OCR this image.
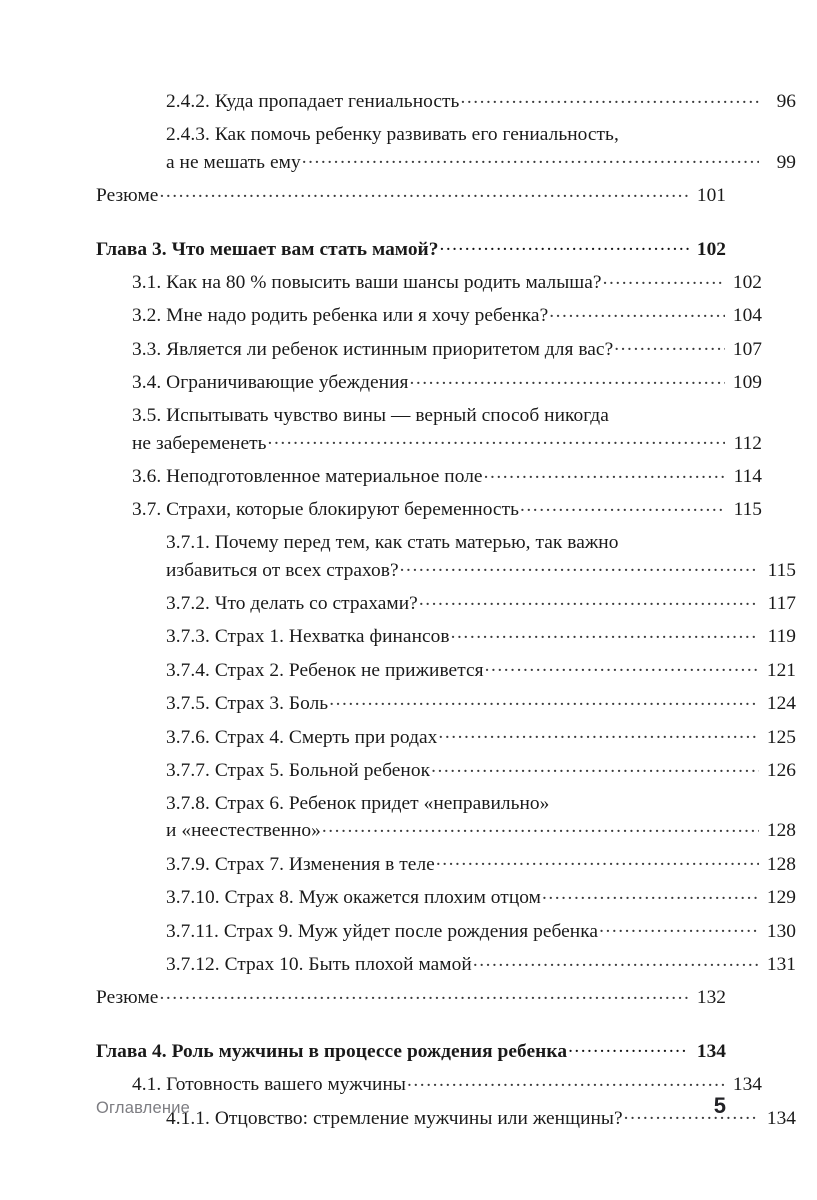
2.4.2. Куда пропадает гениальность .....	96
2.4.3. Как помочь ребенку развивать его гениальность,
а не мешать ему .....	99
Резюме .....	101
Глава 3. Что мешает вам стать мамой? .....	102
3.1. Как на 80 % повысить ваши шансы родить малыша? .....	102
3.2. Мне надо родить ребенка или я хочу ребенка? .....	104
3.3. Является ли ребенок истинным приоритетом для вас? .....	107
3.4. Ограничивающие убеждения .....	109
3.5. Испытывать чувство вины — верный способ никогда
не забеременеть .....	112
3.6. Неподготовленное материальное поле .....	114
3.7. Страхи, которые блокируют беременность .....	115
3.7.1. Почему перед тем, как стать матерью, так важно
избавиться от всех страхов? .....	115
3.7.2. Что делать со страхами? .....	117
3.7.3. Страх 1. Нехватка финансов .....	119
3.7.4. Страх 2. Ребенок не приживется .....	121
3.7.5. Страх 3. Боль .....	124
3.7.6. Страх 4. Смерть при родах .....	125
3.7.7. Страх 5. Больной ребенок .....	126
3.7.8. Страх 6. Ребенок придет «неправильно»
и «неестественно» .....	128
3.7.9. Страх 7. Изменения в теле .....	128
3.7.10. Страх 8. Муж окажется плохим отцом .....	129
3.7.11. Страх 9. Муж уйдет после рождения ребенка .....	130
3.7.12. Страх 10. Быть плохой мамой .....	131
Резюме .....	132
Глава 4. Роль мужчины в процессе рождения ребенка .....	134
4.1. Готовность вашего мужчины .....	134
4.1.1. Отцовство: стремление мужчины или женщины? .....	134
Оглавление	5
